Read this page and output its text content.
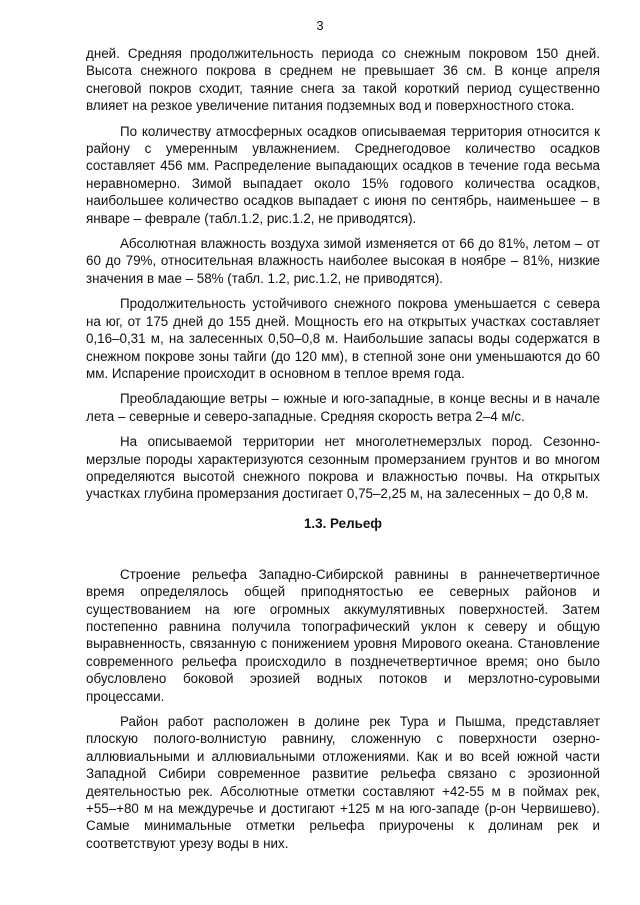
3

дней. Средняя продолжительность периода со снежным покровом 150 дней. Высота снежного покрова в среднем не превышает 36 см. В конце апреля снеговой покров сходит, таяние снега за такой короткий период существенно влияет на резкое увеличение питания подземных вод и поверхностного стока.

По количеству атмосферных осадков описываемая территория относится к району с умеренным увлажнением. Среднегодовое количество осадков составляет 456 мм. Распределение выпадающих осадков в течение года весьма неравномерно. Зимой выпадает около 15% годового количества осадков, наибольшее количество осадков выпадает с июня по сентябрь, наименьшее – в январе – феврале (табл.1.2, рис.1.2, не приводятся).

Абсолютная влажность воздуха зимой изменяется от 66 до 81%, летом – от 60 до 79%, относительная влажность наиболее высокая в ноябре – 81%, низкие значения в мае – 58% (табл. 1.2, рис.1.2, не приводятся).

Продолжительность устойчивого снежного покрова уменьшается с севера на юг, от 175 дней до 155 дней. Мощность его на открытых участках составляет 0,16–0,31 м, на залесенных 0,50–0,8 м. Наибольшие запасы воды содержатся в снежном покрове зоны тайги (до 120 мм), в степной зоне они уменьшаются до 60 мм. Испарение происходит в основном в теплое время года.

Преобладающие ветры – южные и юго-западные, в конце весны и в начале лета – северные и северо-западные. Средняя скорость ветра 2–4 м/с.

На описываемой территории нет многолетнемерзлых пород. Сезонно-мерзлые породы характеризуются сезонным промерзанием грунтов и во многом определяются высотой снежного покрова и влажностью почвы. На открытых участках глубина промерзания достигает 0,75–2,25 м, на залесенных – до 0,8 м.

1.3. Рельеф

Строение рельефа Западно-Сибирской равнины в раннечетвертичное время определялось общей приподнятостью ее северных районов и существованием на юге огромных аккумулятивных поверхностей. Затем постепенно равнина получила топографический уклон к северу и общую выравненность, связанную с понижением уровня Мирового океана. Становление современного рельефа происходило в позднечетвертичное время; оно было обусловлено боковой эрозией водных потоков и мерзлотно-суровыми процессами.

Район работ расположен в долине рек Тура и Пышма, представляет плоскую полого-волнистую равнину, сложенную с поверхности озерно-аллювиальными и аллювиальными отложениями. Как и во всей южной части Западной Сибири современное развитие рельефа связано с эрозионной деятельностью рек. Абсолютные отметки составляют +42-55 м в поймах рек, +55–+80 м на междуречье и достигают +125 м на юго-западе (р-он Червишево). Самые минимальные отметки рельефа приурочены к долинам рек и соответствуют урезу воды в них.
